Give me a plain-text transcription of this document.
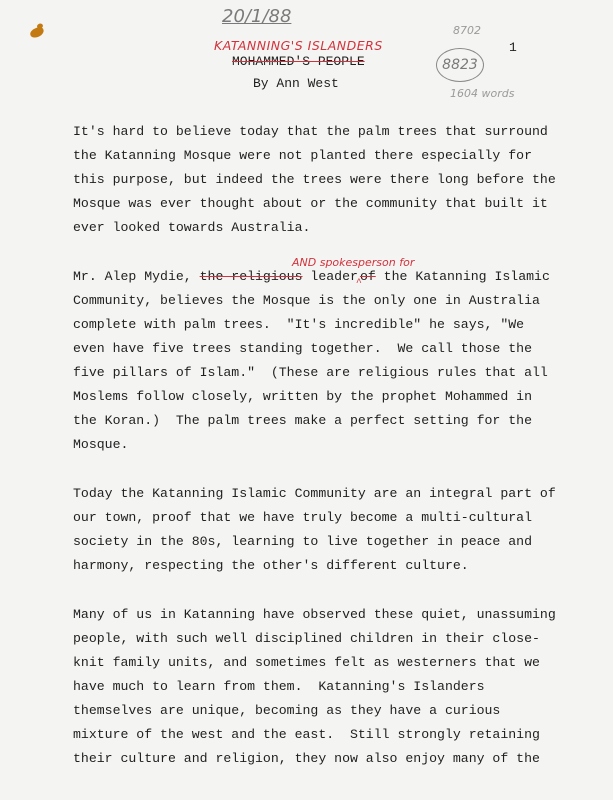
20/1/88
8702
KATANNING'S ISLANDERS
8823
1604 words
AND spokesperson for
1
MOHAMMED'S PEOPLE
By Ann West
It's hard to believe today that the palm trees that surround
the Katanning Mosque were not planted there especially for
this purpose, but indeed the trees were there long before the
Mosque was ever thought about or the community that built it
ever looked towards Australia.
Mr. Alep Mydie, the religious leader$_{\^{}}$of the Katanning Islamic
Community, believes the Mosque is the only one in Australia
complete with palm trees.  "It's incredible" he says, "We
even have five trees standing together.  We call those the
five pillars of Islam."  (These are religious rules that all
Moslems follow closely, written by the prophet Mohammed in
the Koran.)  The palm trees make a perfect setting for the
Mosque.
Today the Katanning Islamic Community are an integral part of
our town, proof that we have truly become a multi-cultural
society in the 80s, learning to live together in peace and
harmony, respecting the other's different culture.
Many of us in Katanning have observed these quiet, unassuming
people, with such well disciplined children in their close-
knit family units, and sometimes felt as westerners that we
have much to learn from them.  Katanning's Islanders
themselves are unique, becoming as they have a curious
mixture of the west and the east.  Still strongly retaining
their culture and religion, they now also enjoy many of the
